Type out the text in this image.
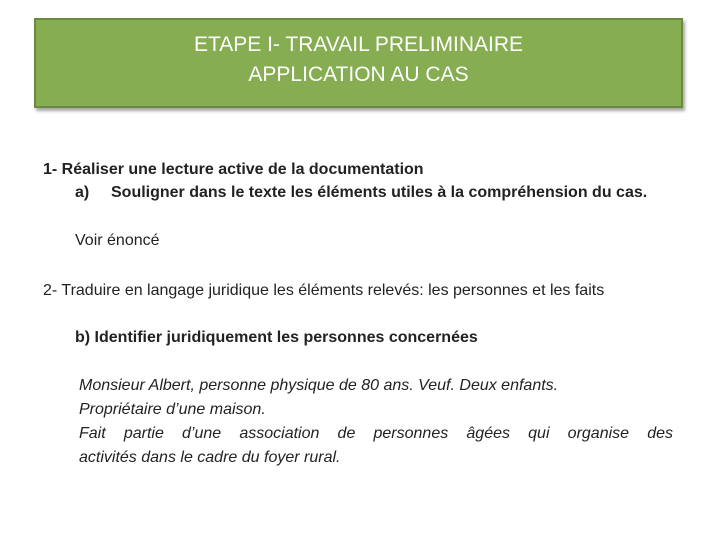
ETAPE I- TRAVAIL PRELIMINAIRE
APPLICATION AU CAS
1- Réaliser une lecture active de la documentation
a) Souligner dans le texte les éléments utiles à la compréhension du cas.
Voir énoncé
2- Traduire en langage juridique les éléments relevés: les personnes et les faits
b) Identifier juridiquement les personnes concernées
Monsieur Albert, personne physique de 80 ans. Veuf. Deux enfants.
Propriétaire d’une maison.
Fait partie d’une association de personnes âgées qui organise des
activités dans le cadre du foyer rural.
